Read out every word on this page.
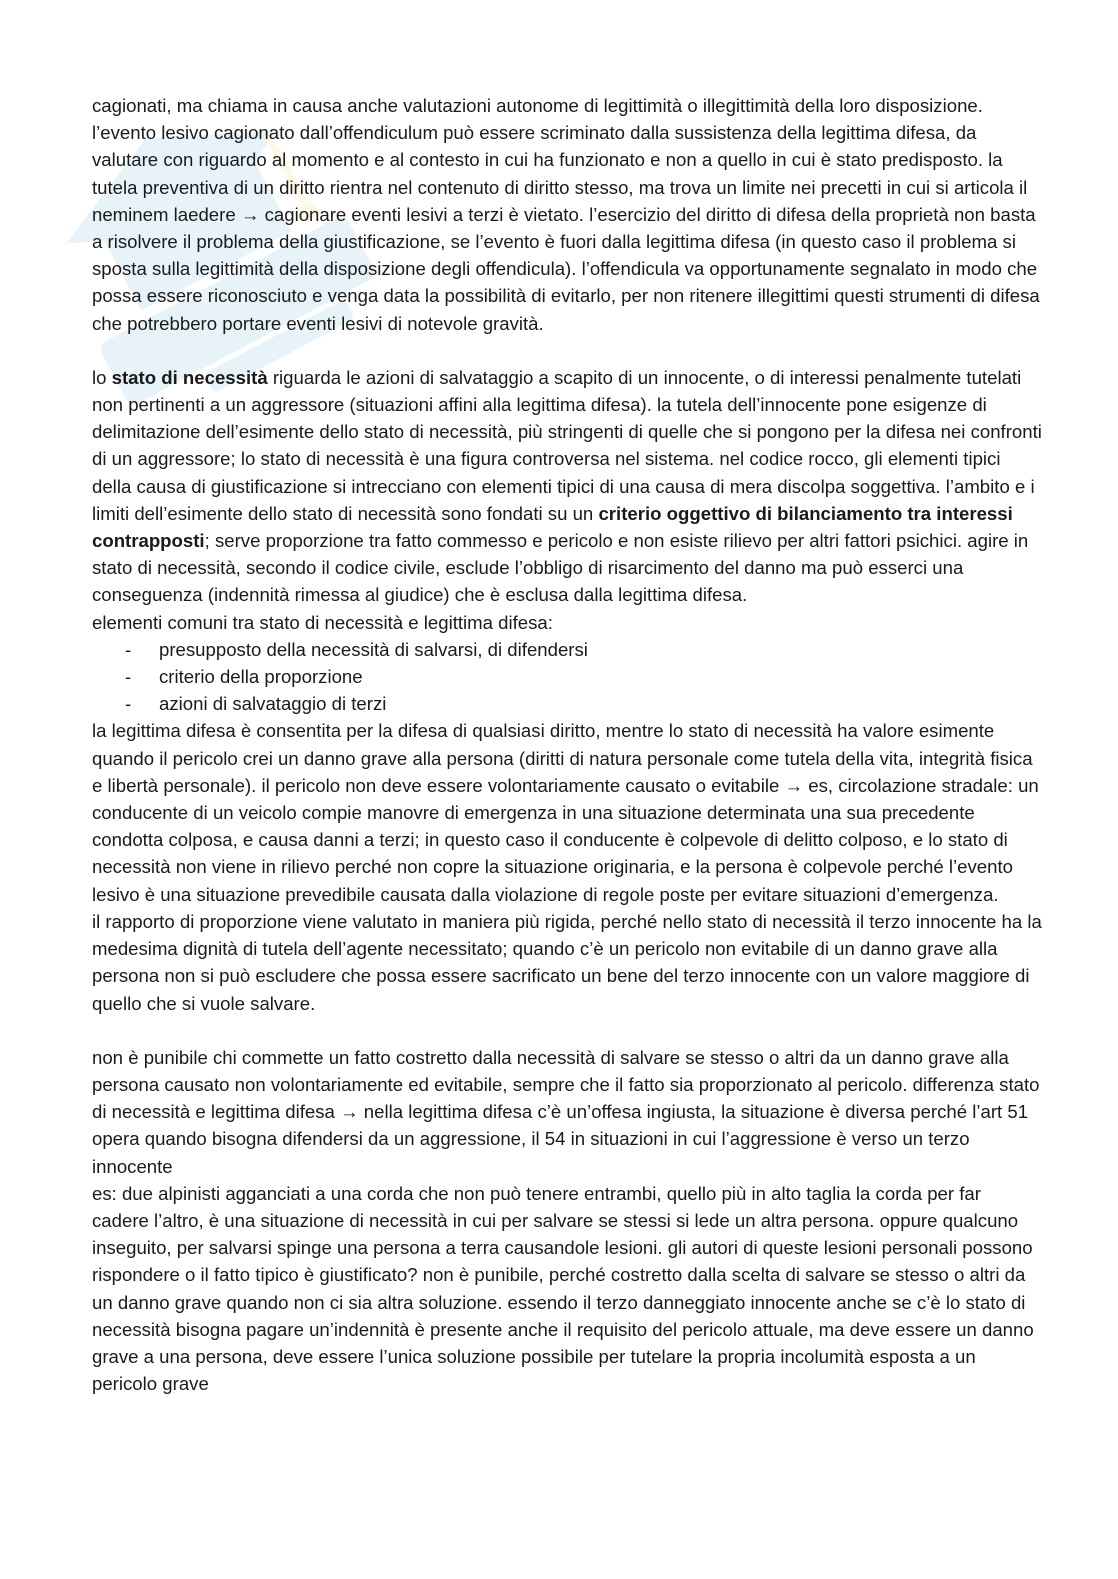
cagionati, ma chiama in causa anche valutazioni autonome di legittimità o illegittimità della loro disposizione. l’evento lesivo cagionato dall’offendiculum può essere scriminato dalla sussistenza della legittima difesa, da valutare con riguardo al momento e al contesto in cui ha funzionato e non a quello in cui è stato predisposto. la tutela preventiva di un diritto rientra nel contenuto di diritto stesso, ma trova un limite nei precetti in cui si articola il neminem laedere → cagionare eventi lesivi a terzi è vietato. l’esercizio del diritto di difesa della proprietà non basta a risolvere il problema della giustificazione, se l’evento è fuori dalla legittima difesa (in questo caso il problema si sposta sulla legittimità della disposizione degli offendicula). l’offendicula va opportunamente segnalato in modo che possa essere riconosciuto e venga data la possibilità di evitarlo, per non ritenere illegittimi questi strumenti di difesa che potrebbero portare eventi lesivi di notevole gravità.

lo stato di necessità riguarda le azioni di salvataggio a scapito di un innocente, o di interessi penalmente tutelati non pertinenti a un aggressore (situazioni affini alla legittima difesa). la tutela dell’innocente pone esigenze di delimitazione dell’esimente dello stato di necessità, più stringenti di quelle che si pongono per la difesa nei confronti di un aggressore; lo stato di necessità è una figura controversa nel sistema. nel codice rocco, gli elementi tipici della causa di giustificazione si intrecciano con elementi tipici di una causa di mera discolpa soggettiva. l’ambito e i limiti dell’esimente dello stato di necessità sono fondati su un criterio oggettivo di bilanciamento tra interessi contrapposti; serve proporzione tra fatto commesso e pericolo e non esiste rilievo per altri fattori psichici. agire in stato di necessità, secondo il codice civile, esclude l’obbligo di risarcimento del danno ma può esserci una conseguenza (indennità rimessa al giudice) che è esclusa dalla legittima difesa.

elementi comuni tra stato di necessità e legittima difesa:

- presupposto della necessità di salvarsi, di difendersi
- criterio della proporzione
- azioni di salvataggio di terzi

la legittima difesa è consentita per la difesa di qualsiasi diritto, mentre lo stato di necessità ha valore esimente quando il pericolo crei un danno grave alla persona (diritti di natura personale come tutela della vita, integrità fisica e libertà personale). il pericolo non deve essere volontariamente causato o evitabile → es, circolazione stradale: un conducente di un veicolo compie manovre di emergenza in una situazione determinata una sua precedente condotta colposa, e causa danni a terzi; in questo caso il conducente è colpevole di delitto colposo, e lo stato di necessità non viene in rilievo perché non copre la situazione originaria, e la persona è colpevole perché l’evento lesivo è una situazione prevedibile causata dalla violazione di regole poste per evitare situazioni d’emergenza.

il rapporto di proporzione viene valutato in maniera più rigida, perché nello stato di necessità il terzo innocente ha la medesima dignità di tutela dell’agente necessitato; quando c’è un pericolo non evitabile di un danno grave alla persona non si può escludere che possa essere sacrificato un bene del terzo innocente con un valore maggiore di quello che si vuole salvare.

non è punibile chi commette un fatto costretto dalla necessità di salvare se stesso o altri da un danno grave alla persona causato non volontariamente ed evitabile, sempre che il fatto sia proporzionato al pericolo. differenza stato di necessità e legittima difesa → nella legittima difesa c’è un’offesa ingiusta, la situazione è diversa perché l’art 51 opera quando bisogna difendersi da un aggressione, il 54 in situazioni in cui l’aggressione è verso un terzo innocente

es: due alpinisti agganciati a una corda che non può tenere entrambi, quello più in alto taglia la corda per far cadere l’altro, è una situazione di necessità in cui per salvare se stessi si lede un altra persona. oppure qualcuno inseguito, per salvarsi spinge una persona a terra causandole lesioni. gli autori di queste lesioni personali possono rispondere o il fatto tipico è giustificato? non è punibile, perché costretto dalla scelta di salvare se stesso o altri da un danno grave quando non ci sia altra soluzione. essendo il terzo danneggiato innocente anche se c’è lo stato di necessità bisogna pagare un’indennità è presente anche il requisito del pericolo attuale, ma deve essere un danno grave a una persona, deve essere l’unica soluzione possibile per tutelare la propria incolumità esposta a un pericolo grave
